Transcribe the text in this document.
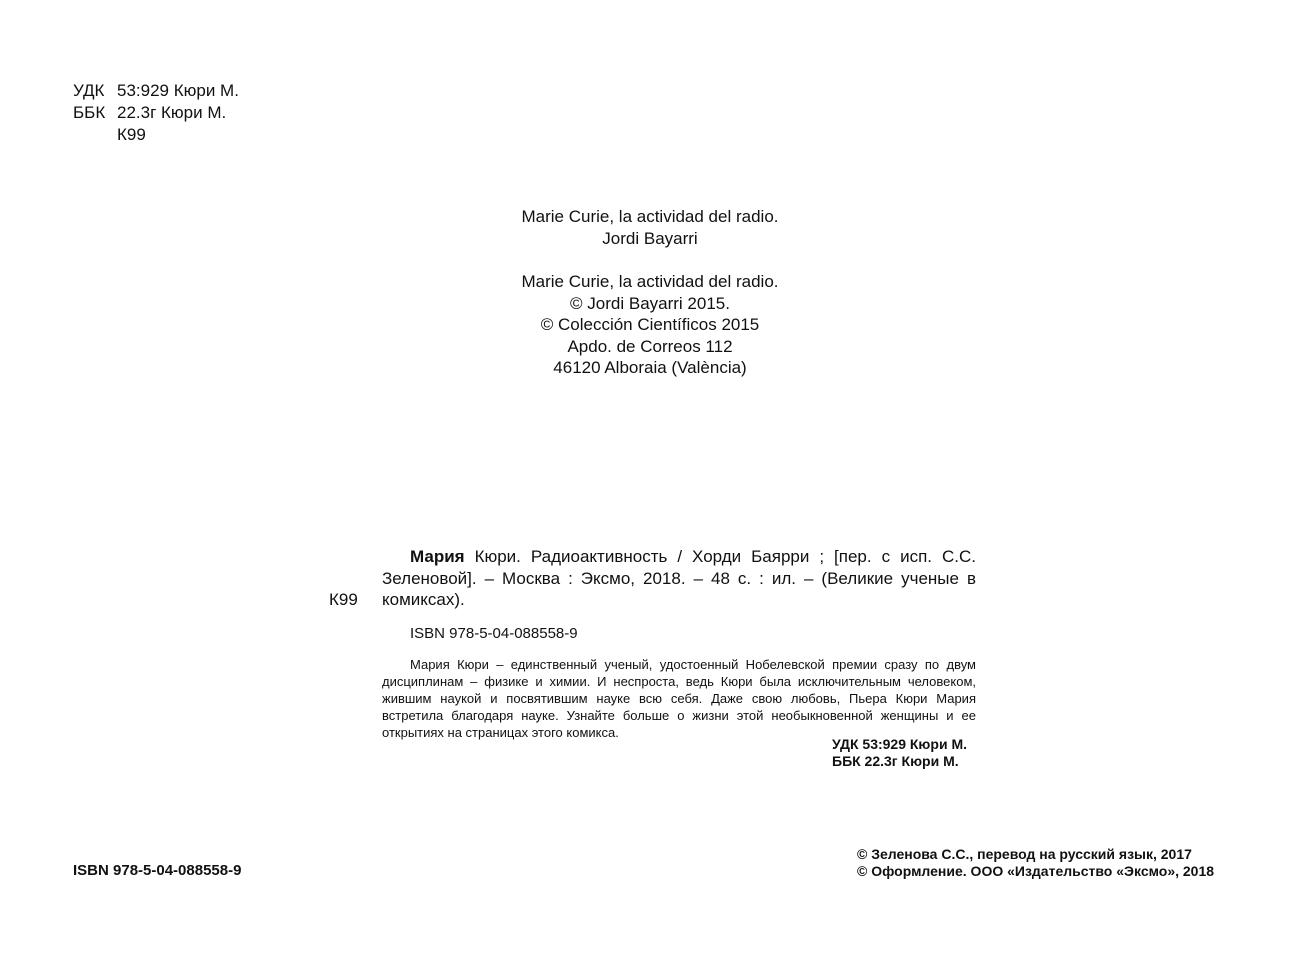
УДК 53:929 Кюри М.
ББК 22.3г Кюри М.
К99
Marie Curie, la actividad del radio.
Jordi Bayarri
Marie Curie, la actividad del radio.
© Jordi Bayarri 2015.
© Colección Científicos 2015
Apdo. de Correos 112
46120 Alboraia (València)
К99

Мария Кюри. Радиоактивность / Хорди Баярри ; [пер. с исп. С.С. Зеленовой]. – Москва : Эксмо, 2018. – 48 с. : ил. – (Великие ученые в комиксах).

ISBN 978-5-04-088558-9
Мария Кюри – единственный ученый, удостоенный Нобелевской премии сразу по двум дисциплинам – физике и химии. И неспроста, ведь Кюри была исключительным человеком, жившим наукой и посвятившим науке всю себя. Даже свою любовь, Пьера Кюри Мария встретила благодаря науке. Узнайте больше о жизни этой необыкновенной женщины и ее открытиях на страницах этого комикса.
УДК 53:929 Кюри М.
ББК 22.3г Кюри М.
ISBN 978-5-04-088558-9
© Зеленова С.С., перевод на русский язык, 2017
© Оформление. ООО «Издательство «Эксмо», 2018
